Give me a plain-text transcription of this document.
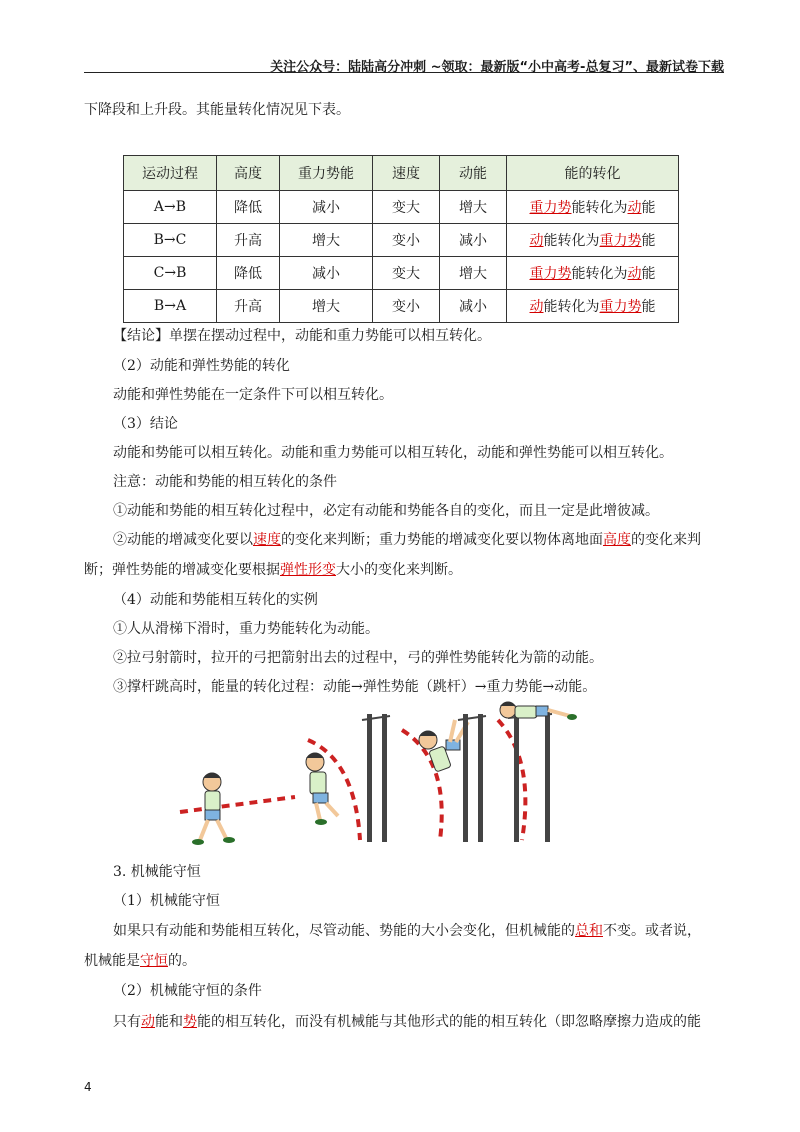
关注公众号：陆陆高分冲刺 ~领取：最新版“小中高考-总复习”、最新试卷下载
下降段和上升段。其能量转化情况见下表。
运动过程	高度	重力势能	速度	动能	能的转化
A→B	降低	减小	变大	增大	重力势能转化为动能
B→C	升高	增大	变小	减小	动能转化为重力势能
C→B	降低	减小	变大	增大	重力势能转化为动能
B→A	升高	增大	变小	减小	动能转化为重力势能
【结论】单摆在摆动过程中，动能和重力势能可以相互转化。
（2）动能和弹性势能的转化
动能和弹性势能在一定条件下可以相互转化。
（3）结论
动能和势能可以相互转化。动能和重力势能可以相互转化，动能和弹性势能可以相互转化。
注意：动能和势能的相互转化的条件
①动能和势能的相互转化过程中，必定有动能和势能各自的变化，而且一定是此增彼减。
②动能的增减变化要以速度的变化来判断；重力势能的增减变化要以物体离地面高度的变化来判
断；弹性势能的增减变化要根据弹性形变大小的变化来判断。
（4）动能和势能相互转化的实例
①人从滑梯下滑时，重力势能转化为动能。
②拉弓射箭时，拉开的弓把箭射出去的过程中，弓的弹性势能转化为箭的动能。
③撑杆跳高时，能量的转化过程：动能→弹性势能（跳杆）→重力势能→动能。
3. 机械能守恒
（1）机械能守恒
如果只有动能和势能相互转化，尽管动能、势能的大小会变化，但机械能的总和不变。或者说，
机械能是守恒的。
（2）机械能守恒的条件
只有动能和势能的相互转化，而没有机械能与其他形式的能的相互转化（即忽略摩擦力造成的能
4
